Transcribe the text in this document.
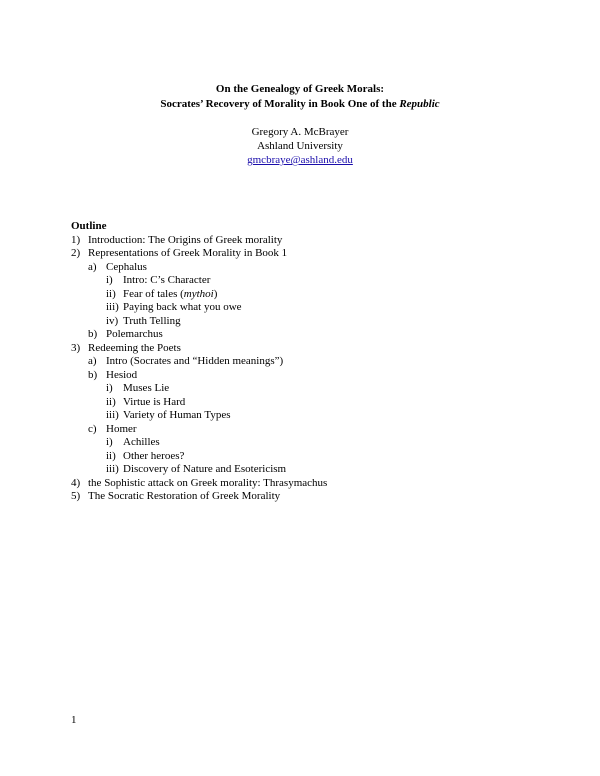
On the Genealogy of Greek Morals:
Socrates’ Recovery of Morality in Book One of the Republic
Gregory A. McBrayer
Ashland University
gmcbraye@ashland.edu
Outline
1) Introduction: The Origins of Greek morality
2) Representations of Greek Morality in Book 1
a) Cephalus
i) Intro: C’s Character
ii) Fear of tales (mythoi)
iii) Paying back what you owe
iv) Truth Telling
b) Polemarchus
3) Redeeming the Poets
a) Intro (Socrates and “Hidden meanings”)
b) Hesiod
i) Muses Lie
ii) Virtue is Hard
iii) Variety of Human Types
c) Homer
i) Achilles
ii) Other heroes?
iii) Discovery of Nature and Esotericism
4) the Sophistic attack on Greek morality: Thrasymachus
5) The Socratic Restoration of Greek Morality
1
